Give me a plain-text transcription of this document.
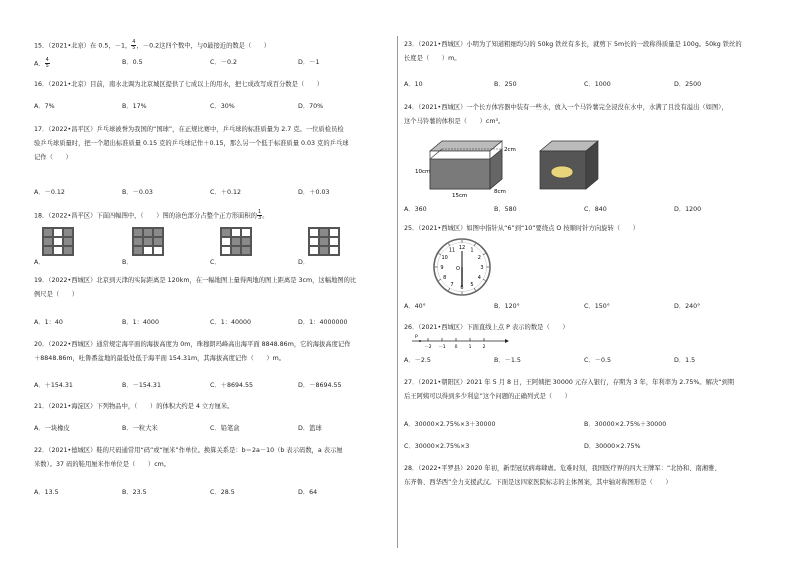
15．（2021•北京）在 0.5，－1， $\frac{4}{5}$ ，－0.2这四个数中，与0最接近的数是（　　）
A． $\frac{4}{5}$	B．0.5	C．－0.2	D．－1
16．（2021•北京）目前，南水北调为北京城区提供了七成以上的用水，把七成改写成百分数是（　　）
A．7%	B．17%	C．30%	D．70%
17．（2022•昌平区）乒乓球被誉为我国的“国球”，在正规比赛中，乒乓球的标准质量为 2.7 克。一位质检员检
验乒乓球质量时，把一个超出标准质量 0.15 克的乒乓球记作＋0.15，那么另一个低于标准质量 0.03 克的乒乓球
记作（　　）
A．－0.12	B．－0.03	C．＋0.12	D．＋0.03
18．（2022•昌平区）下面四幅图中，（　　）图的涂色部分占整个正方形面积的 $\frac{1}{3}$ 。
A．	B．	C．	D．
19．（2022•西城区）北京到天津的实际距离是 120km，在一幅地图上量得两地的图上距离是 3cm，这幅地图的比
例尺是（　　）
A．1：40	B．1：4000	C．1：40000	D．1：4000000
20．（2022•西城区）通常规定海平面的海拔高度为 0m，珠穆朗玛峰高出海平面 8848.86m，它的海拔高度记作
＋8848.86m，吐鲁番盆地的最低处低于海平面 154.31m，其海拔高度记作（　　）m。
A．＋154.31	B．－154.31	C．＋8694.55	D．－8694.55
21．（2021•海淀区）下列物品中，（　　）的体积大约是 4 立方厘米。
A．一块橡皮	B．一粒大米	C．铅笔盒	D．篮球
22．（2021•德城区）鞋的尺码通常用“码”或“厘米”作单位。换算关系是：b＝2a－10（b 表示码数，a 表示厘
米数）。37 码的鞋用厘米作单位是（　　）cm。
A．13.5	B．23.5	C．28.5	D．64
23．（2021•西城区）小明为了知道粗细均匀的 50kg 铁丝有多长，就剪下 5m长的一段称得质量是 100g。50kg 铁丝的
长度是（　　）m。
A．10	B．250	C．1000	D．2500
24．（2021•西城区）一个长方体容器中装有一些水，放入一个马铃薯完全浸没在水中，水满了且没有溢出（如图），
这个马铃薯的体积是（　　）cm³。
10cm
2cm
15cm
8cm
A．360	B．580	C．840	D．1200
25．（2021•西城区）如图中指针从“6”到“10”要绕点 O 按顺时针方向旋转（　　）
12 1
2
3
4
5
6
7
8
9
10
11
O
A．40°	B．120°	C．150°	D．240°
26．（2021•西城区）下面直线上点 P 表示的数是（　　）
－2 －1 0 1 2
P
A．－2.5	B．－1.5	C．－0.5	D．1.5
27．（2021•朝阳区）2021 年 5 月 8 日，王阿姨把 30000 元存入银行，存期为 3 年，年利率为 2.75%。解决“到期
后王阿姨可以得到多少利息”这个问题的正确列式是（　　）
A．30000×2.75%×3＋30000	B．30000×2.75%＋30000
C．30000×2.75%×3	D．30000×2.75%
28．（2022•平罗县）2020 年初，新型冠状病毒肆虐。危难时刻，我国医疗界的四大王牌军：“北协和、南湘雅、
东齐鲁、西华西”全力支援武汉。下面是这四家医院标志的主体图案，其中轴对称图形是（　　）
